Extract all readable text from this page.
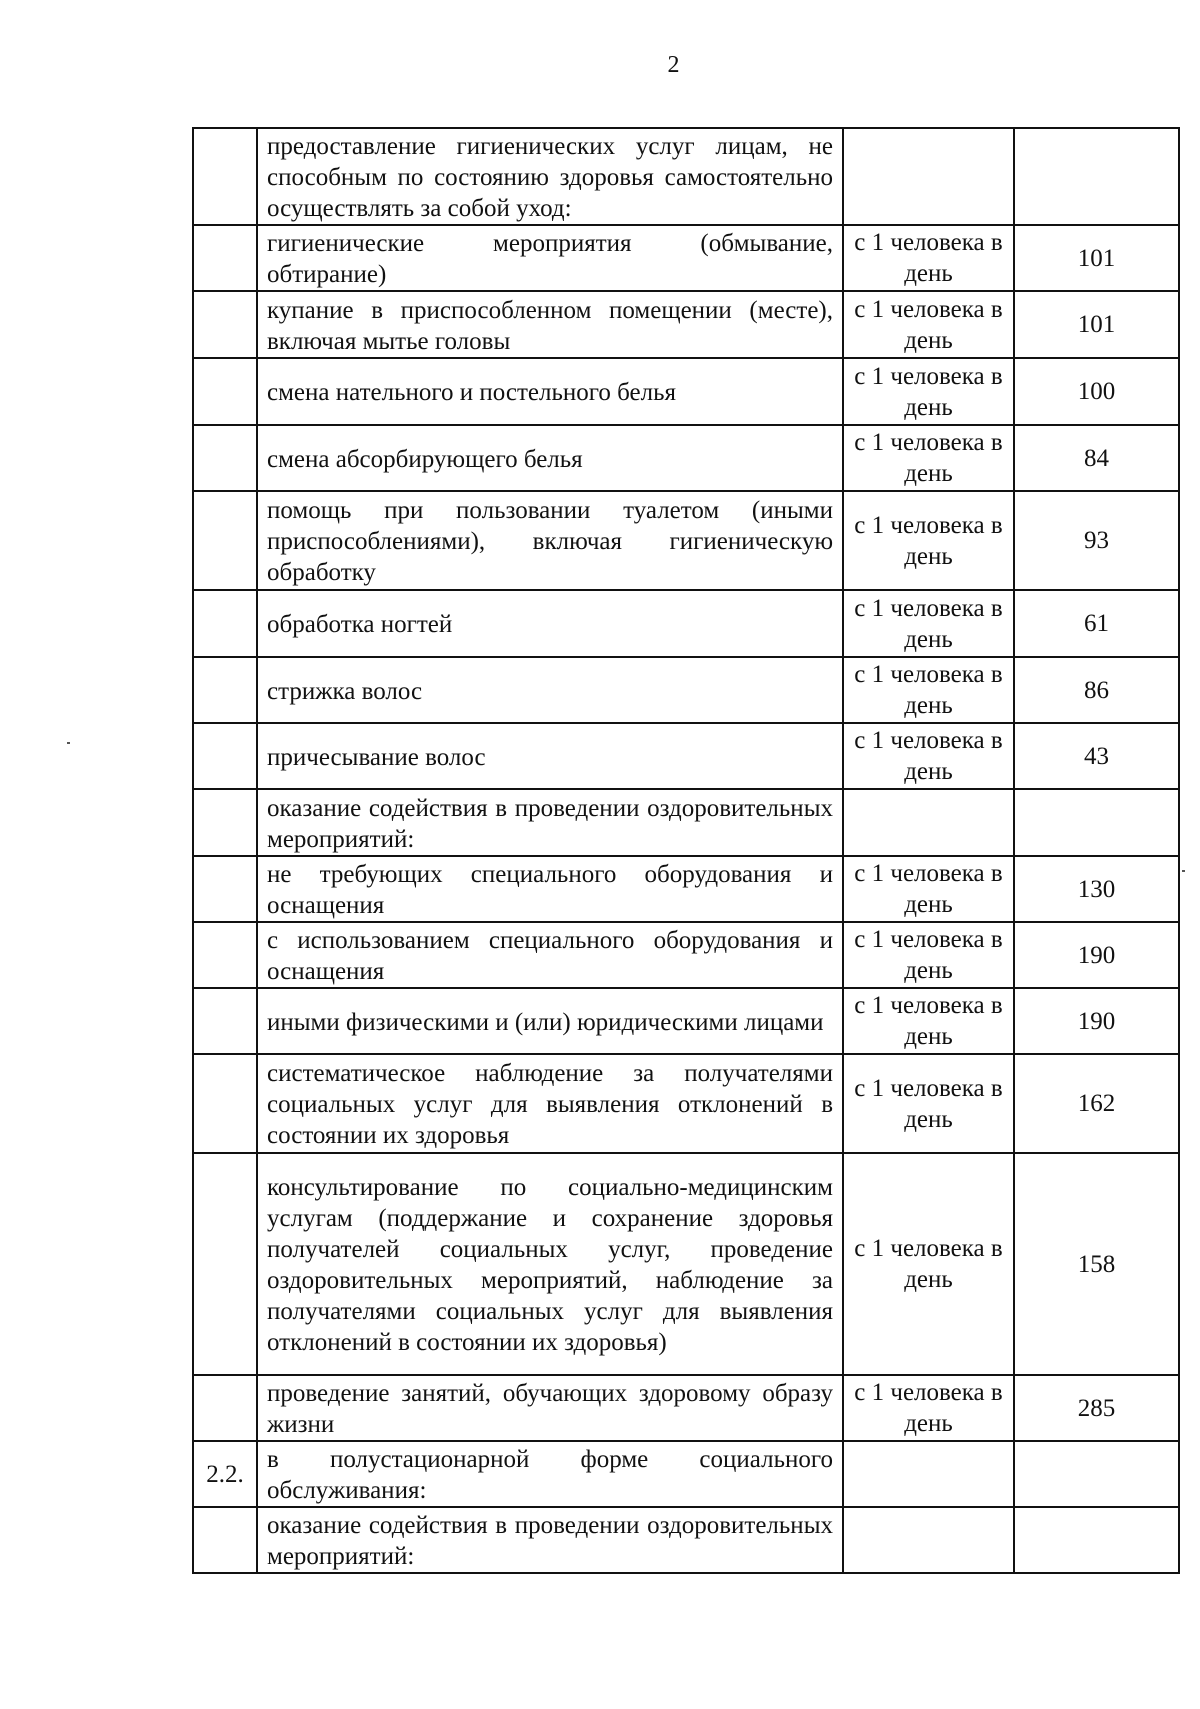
2
	предоставление гигиенических услуг лицам, не способным по состоянию здоровья самостоятельно осуществлять за собой уход:		
	гигиенические мероприятия (обмывание, обтирание)	с 1 человека в день	101
	купание в приспособленном помещении (месте), включая мытье головы	с 1 человека в день	101
	смена нательного и постельного белья	с 1 человека в день	100
	смена абсорбирующего белья	с 1 человека в день	84
	помощь при пользовании туалетом (иными приспособлениями), включая гигиеническую обработку	с 1 человека в день	93
	обработка ногтей	с 1 человека в день	61
	стрижка волос	с 1 человека в день	86
	причесывание волос	с 1 человека в день	43
	оказание содействия в проведении оздоровительных мероприятий:		
	не требующих специального оборудования и оснащения	с 1 человека в день	130
	с использованием специального оборудования и оснащения	с 1 человека в день	190
	иными физическими и (или) юридическими лицами	с 1 человека в день	190
	систематическое наблюдение за получателями социальных услуг для выявления отклонений в состоянии их здоровья	с 1 человека в день	162
	консультирование по социально-медицинским услугам (поддержание и сохранение здоровья получателей социальных услуг, проведение оздоровительных мероприятий, наблюдение за получателями социальных услуг для выявления отклонений в состоянии их здоровья)	с 1 человека в день	158
	проведение занятий, обучающих здоровому образу жизни	с 1 человека в день	285
2.2.	в полустационарной форме социального обслуживания:		
	оказание содействия в проведении оздоровительных мероприятий:		
